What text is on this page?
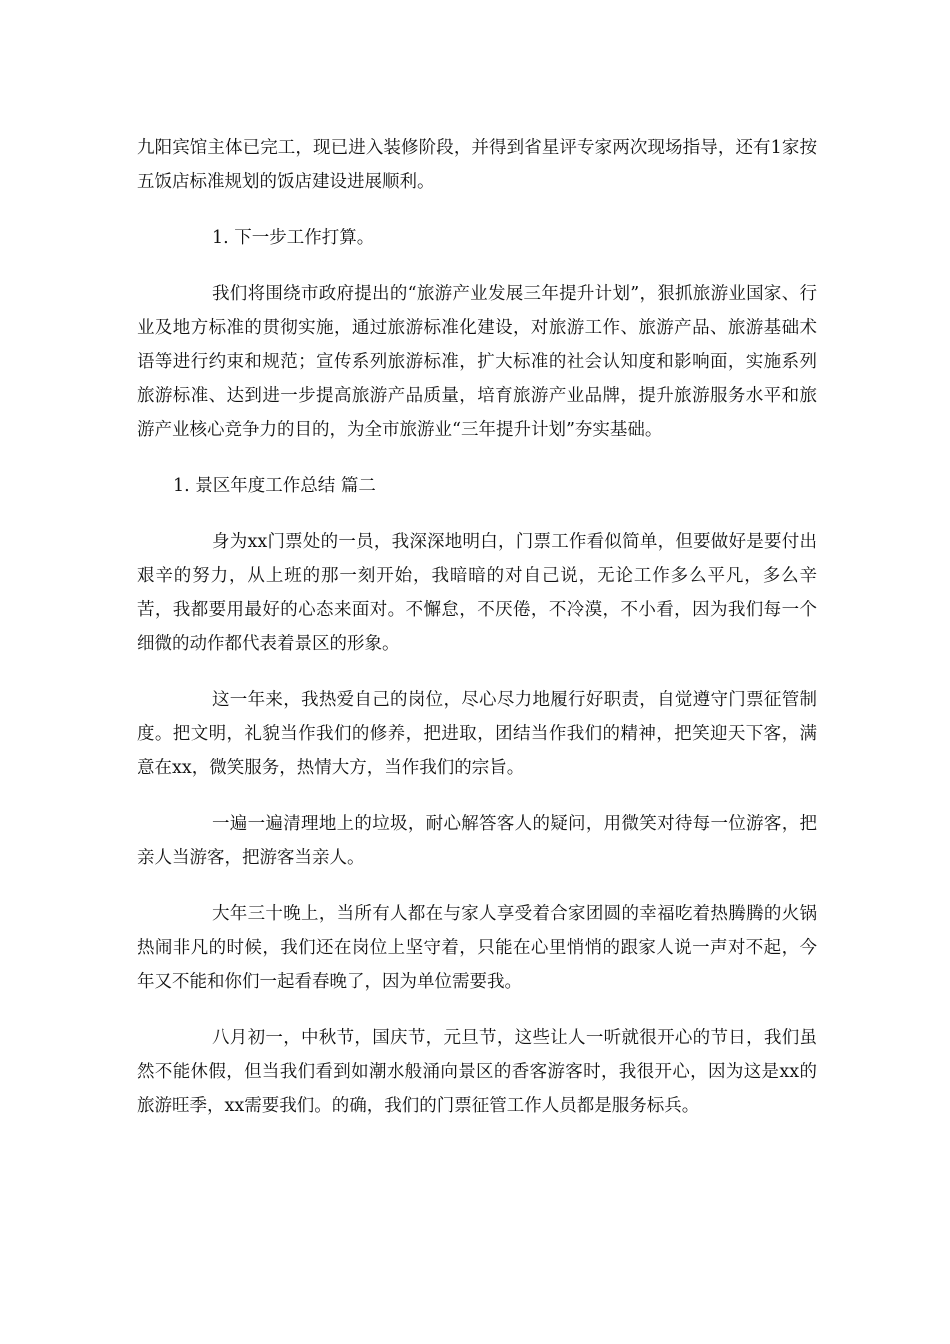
九阳宾馆主体已完工，现已进入装修阶段，并得到省星评专家两次现场指导，还有1家按五饭店标准规划的饭店建设进展顺利。

1. 下一步工作打算。

我们将围绕市政府提出的“旅游产业发展三年提升计划”，狠抓旅游业国家、行业及地方标准的贯彻实施，通过旅游标准化建设，对旅游工作、旅游产品、旅游基础术语等进行约束和规范；宣传系列旅游标准，扩大标准的社会认知度和影响面，实施系列旅游标准、达到进一步提高旅游产品质量，培育旅游产业品牌，提升旅游服务水平和旅游产业核心竞争力的目的，为全市旅游业“三年提升计划”夯实基础。

1. 景区年度工作总结 篇二

身为xx门票处的一员，我深深地明白，门票工作看似简单，但要做好是要付出艰辛的努力，从上班的那一刻开始，我暗暗的对自己说，无论工作多么平凡，多么辛苦，我都要用最好的心态来面对。不懈怠，不厌倦，不冷漠，不小看，因为我们每一个细微的动作都代表着景区的形象。

这一年来，我热爱自己的岗位，尽心尽力地履行好职责，自觉遵守门票征管制度。把文明，礼貌当作我们的修养，把进取，团结当作我们的精神，把笑迎天下客，满意在xx，微笑服务，热情大方，当作我们的宗旨。

一遍一遍清理地上的垃圾，耐心解答客人的疑问，用微笑对待每一位游客，把亲人当游客，把游客当亲人。

大年三十晚上，当所有人都在与家人享受着合家团圆的幸福吃着热腾腾的火锅热闹非凡的时候，我们还在岗位上坚守着，只能在心里悄悄的跟家人说一声对不起，今年又不能和你们一起看春晚了，因为单位需要我。

八月初一，中秋节，国庆节，元旦节，这些让人一听就很开心的节日，我们虽然不能休假，但当我们看到如潮水般涌向景区的香客游客时，我很开心，因为这是xx的旅游旺季，xx需要我们。的确，我们的门票征管工作人员都是服务标兵。
